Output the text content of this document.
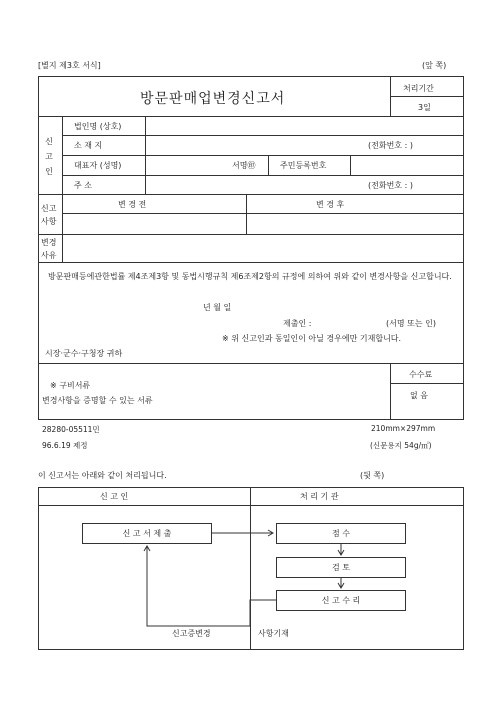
[별지 제3호 서식]	(앞 쪽)
방문판매업변경신고서
처리기간
3일
신 고 인
법인명 (상호)
소 재 지	(전화번호 : )
대표자 (성명)	서명㊞	주민등록번호
주 소	(전화번호 : )
신고 사항
변 경 전	변 경 후
변경 사유
방문판매등에관한법률 제4조제3항 및 동법시행규칙 제6조제2항의 규정에 의하여 위와 같이 변경사항을 신고합니다.
년 월 일
제출인 :	(서명 또는 인)
※ 위 신고인과 동일인이 아닐 경우에만 기재합니다.
시장·군수·구청장 귀하
※ 구비서류
변경사항을 증명할 수 있는 서류
수수료
없 음
28280-05511민
96.6.19 제정
210mm×297mm
(신문용지 54g/㎡)
이 신고서는 아래와 같이 처리됩니다.	(뒷 쪽)
신 고 인	처 리 기 관
신 고 서 제 출	점 수
검 토
신 고 수 리
신고증변경	사항기재
